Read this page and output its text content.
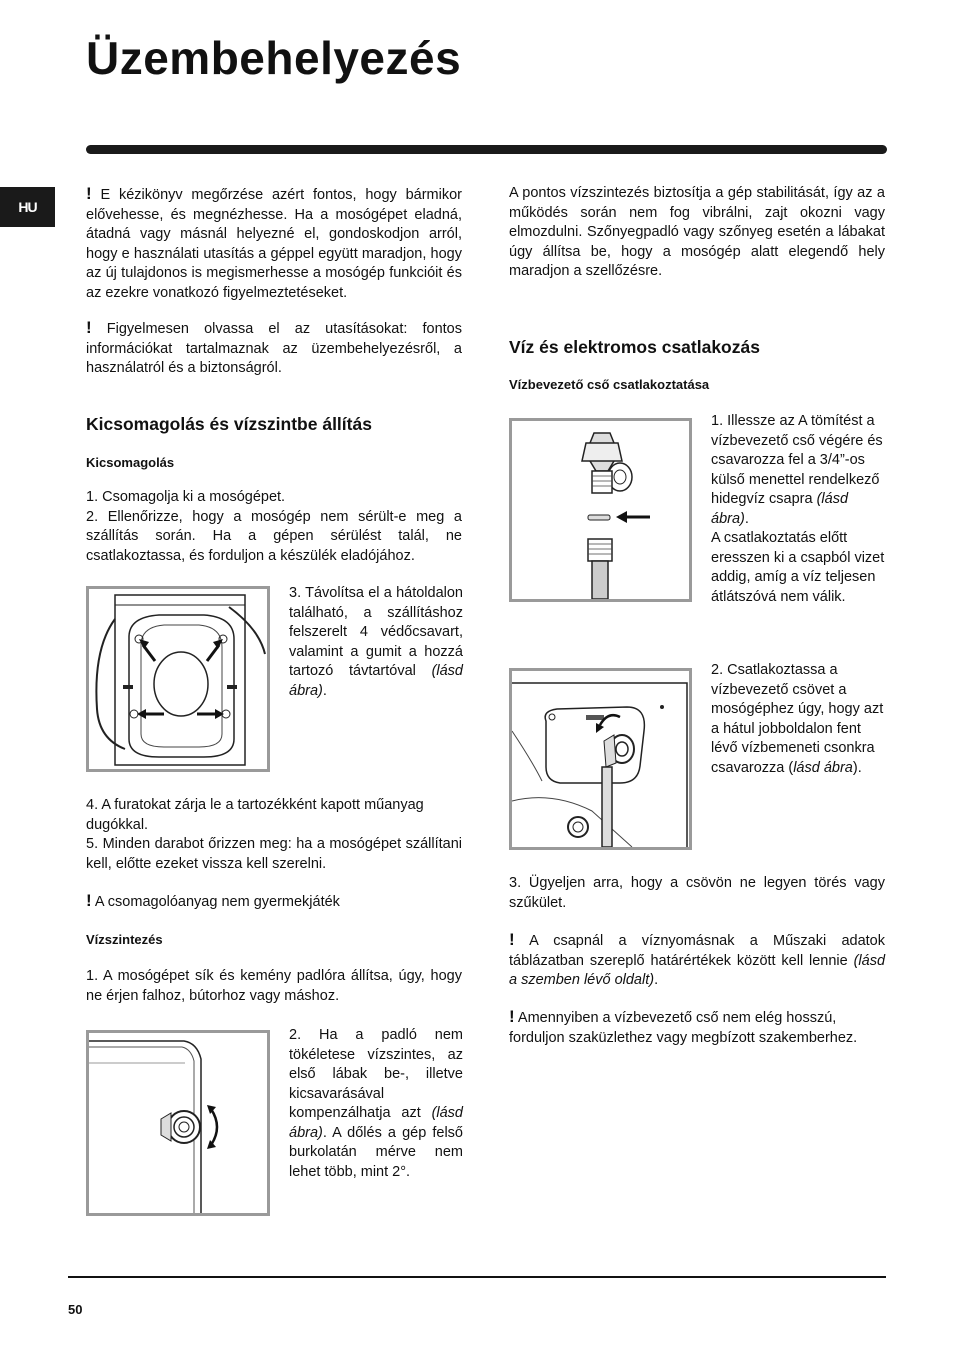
Üzembehelyezés
HU

! E kézikönyv megőrzése azért fontos, hogy bármikor elővehesse, és megnézhesse. Ha a mosógépet eladná, átadná vagy másnál helyezné el, gondoskodjon arról, hogy e használati utasítás a géppel együtt maradjon, hogy az új tulajdonos is megismerhesse a mosógép funkcióit és az ezekre vonatkozó figyelmeztetéseket.

! Figyelmesen olvassa el az utasításokat: fontos információkat tartalmaznak az üzembehelyezésről, a használatról és a biztonságról.

Kicsomagolás és vízszintbe állítás
Kicsomagolás

1. Csomagolja ki a mosógépet.

2. Ellenőrizze, hogy a mosógép nem sérült-e meg a szállítás során. Ha a gépen sérülést talál, ne csatlakoztassa, és forduljon a készülék eladójához.

3. Távolítsa el a hátoldalon található, a szállításhoz felszerelt 4 védőcsavart, valamint a gumit a hozzá tartozó távtartóval (lásd ábra).

4. A furatokat zárja le a tartozékként kapott műanyag dugókkal.

5. Minden darabot őrizzen meg: ha a mosógépet szállítani kell, előtte ezeket vissza kell szerelni.

! A csomagolóanyag nem gyermekjáték

Vízszintezés

1. A mosógépet sík és kemény padlóra állítsa, úgy, hogy ne érjen falhoz, bútorhoz vagy máshoz.

2. Ha a padló nem tökéletese vízszintes, az első lábak be-, illetve kicsavarásával kompenzálhatja azt (lásd ábra). A dőlés a gép felső burkolatán mérve nem lehet több, mint 2°.

A pontos vízszintezés biztosítja a gép stabilitását, így az a működés során nem fog vibrálni, zajt okozni vagy elmozdulni. Szőnyegpadló vagy szőnyeg esetén a lábakat úgy állítsa be, hogy a mosógép alatt elegendő hely maradjon a szellőzésre.

Víz és elektromos csatlakozás
Vízbevezető cső csatlakoztatása

1. Illessze az A tömítést a vízbevezető cső végére és csavarozza fel a 3/4”-os külső menettel rendelkező hidegvíz csapra (lásd ábra).

A csatlakoztatás előtt eresszen ki a csapból vizet addig, amíg a víz teljesen átlátszóvá nem válik.

2. Csatlakoztassa a vízbevezető csövet a mosógéphez úgy, hogy azt a hátul jobboldalon fent lévő vízbemeneti csonkra csavarozza (lásd ábra).

3. Ügyeljen arra, hogy a csövön ne legyen törés vagy szűkület.

! A csapnál a víznyomásnak a Műszaki adatok táblázatban szereplő határértékek között kell lennie (lásd a szemben lévő oldalt).

! Amennyiben a vízbevezető cső nem elég hosszú, forduljon szaküzlethez vagy megbízott szakemberhez.

50
